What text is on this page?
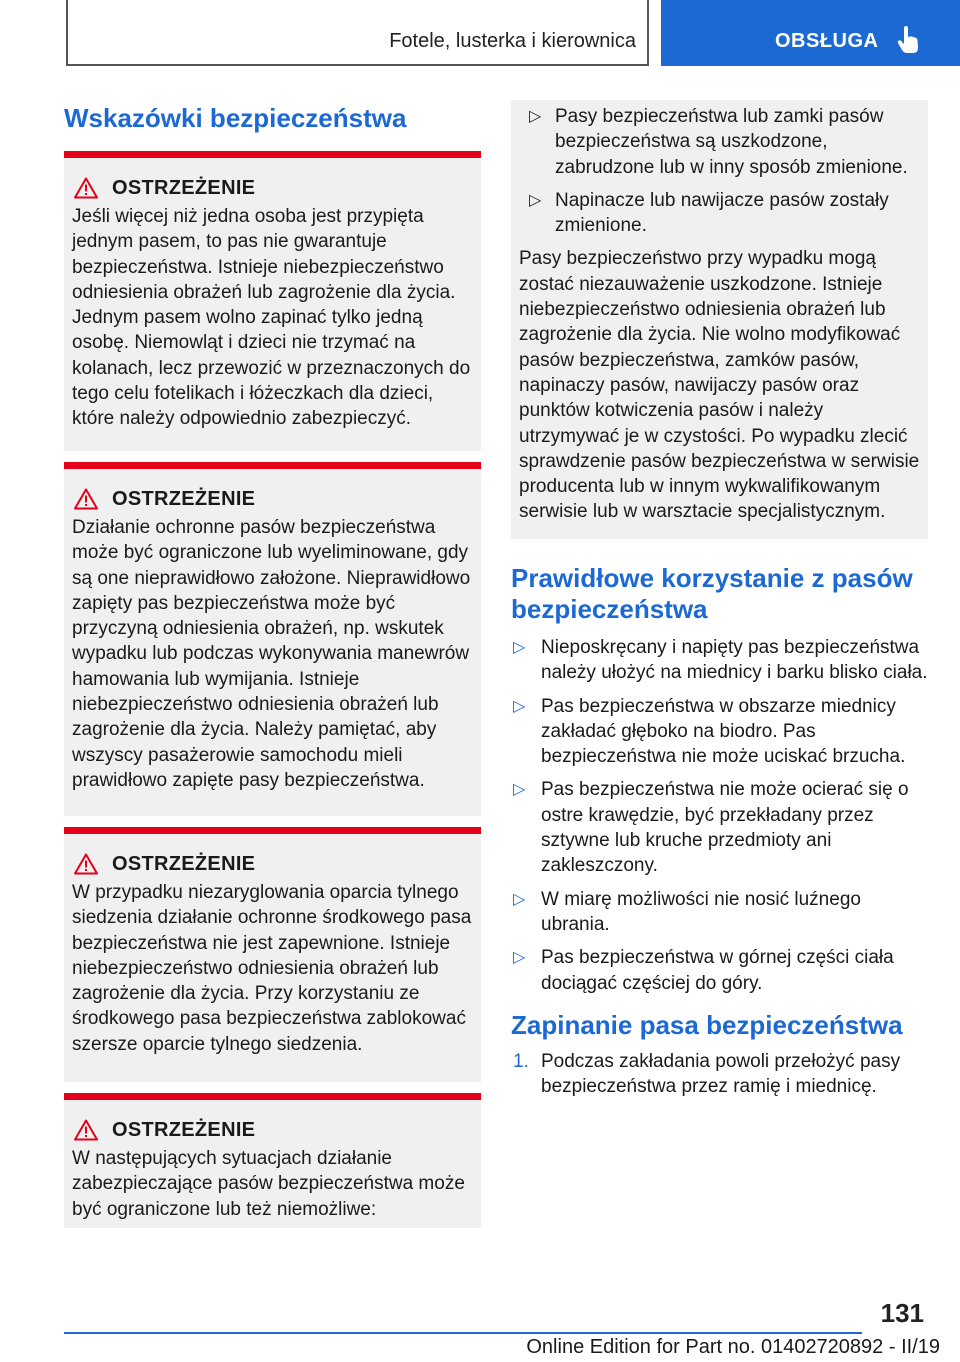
Fotele, lusterka i kierownica	OBSŁUGA
Wskazówki bezpieczeństwa
OSTRZEŻENIE
Jeśli więcej niż jedna osoba jest przypięta jednym pasem, to pas nie gwarantuje bezpieczeństwa. Istnieje niebezpieczeństwo odniesienia obrażeń lub zagrożenie dla życia. Jednym pasem wolno zapinać tylko jedną osobę. Niemowląt i dzieci nie trzymać na kolanach, lecz przewozić w przeznaczonych do tego celu fotelikach i łóżeczkach dla dzieci, które należy odpowiednio zabezpieczyć.
OSTRZEŻENIE
Działanie ochronne pasów bezpieczeństwa może być ograniczone lub wyeliminowane, gdy są one nieprawidłowo założone. Nieprawidłowo zapięty pas bezpieczeństwa może być przyczyną odniesienia obrażeń, np. wskutek wypadku lub podczas wykonywania manewrów hamowania lub wymijania. Istnieje niebezpieczeństwo odniesienia obrażeń lub zagrożenie dla życia. Należy pamiętać, aby wszyscy pasażerowie samochodu mieli prawidłowo zapięte pasy bezpieczeństwa.
OSTRZEŻENIE
W przypadku niezaryglowania oparcia tylnego siedzenia działanie ochronne środkowego pasa bezpieczeństwa nie jest zapewnione. Istnieje niebezpieczeństwo odniesienia obrażeń lub zagrożenie dla życia. Przy korzystaniu ze środkowego pasa bezpieczeństwa zablokować szersze oparcie tylnego siedzenia.
OSTRZEŻENIE
W następujących sytuacjach działanie zabezpieczające pasów bezpieczeństwa może być ograniczone lub też niemożliwe:
▷ Pasy bezpieczeństwa lub zamki pasów bezpieczeństwa są uszkodzone, zabrudzone lub w inny sposób zmienione.
▷ Napinacze lub nawijacze pasów zostały zmienione.
Pasy bezpieczeństwo przy wypadku mogą zostać niezauważenie uszkodzone. Istnieje niebezpieczeństwo odniesienia obrażeń lub zagrożenie dla życia. Nie wolno modyfikować pasów bezpieczeństwa, zamków pasów, napinaczy pasów, nawijaczy pasów oraz punktów kotwiczenia pasów i należy utrzymywać je w czystości. Po wypadku zlecić sprawdzenie pasów bezpieczeństwa w serwisie producenta lub w innym wykwalifikowanym serwisie lub w warsztacie specjalistycznym.
Prawidłowe korzystanie z pasów bezpieczeństwa
▷ Nieposkręcany i napięty pas bezpieczeństwa należy ułożyć na miednicy i barku blisko ciała.
▷ Pas bezpieczeństwa w obszarze miednicy zakładać głęboko na biodro. Pas bezpieczeństwa nie może uciskać brzucha.
▷ Pas bezpieczeństwa nie może ocierać się o ostre krawędzie, być przekładany przez sztywne lub kruche przedmioty ani zakleszczony.
▷ W miarę możliwości nie nosić luźnego ubrania.
▷ Pas bezpieczeństwa w górnej części ciała dociągać częściej do góry.
Zapinanie pasa bezpieczeństwa
1. Podczas zakładania powoli przełożyć pasy bezpieczeństwa przez ramię i miednicę.
131
Online Edition for Part no. 01402720892 - II/19
